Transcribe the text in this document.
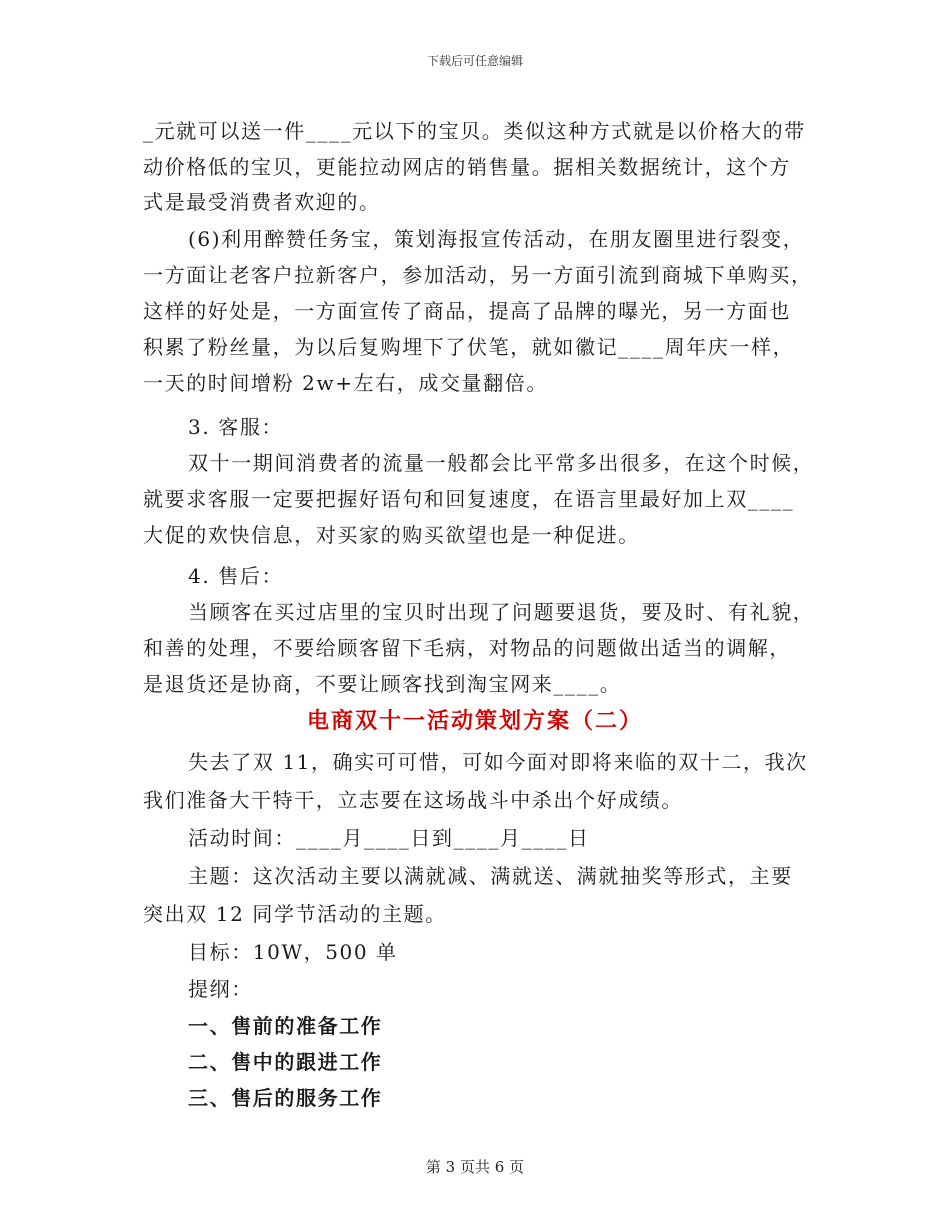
下载后可任意编辑
_元就可以送一件____元以下的宝贝。类似这种方式就是以价格大的带
动价格低的宝贝，更能拉动网店的销售量。据相关数据统计，这个方
式是最受消费者欢迎的。
(6)利用醉赞任务宝，策划海报宣传活动，在朋友圈里进行裂变，
一方面让老客户拉新客户，参加活动，另一方面引流到商城下单购买，
这样的好处是，一方面宣传了商品，提高了品牌的曝光，另一方面也
积累了粉丝量，为以后复购埋下了伏笔，就如徽记____周年庆一样，
一天的时间增粉 2w+左右，成交量翻倍。
3. 客服：
双十一期间消费者的流量一般都会比平常多出很多，在这个时候，
就要求客服一定要把握好语句和回复速度，在语言里最好加上双____
大促的欢快信息，对买家的购买欲望也是一种促进。
4. 售后：
当顾客在买过店里的宝贝时出现了问题要退货，要及时、有礼貌，
和善的处理，不要给顾客留下毛病，对物品的问题做出适当的调解，
是退货还是协商，不要让顾客找到淘宝网来____。
电商双十一活动策划方案（二）
失去了双 11，确实可可惜，可如今面对即将来临的双十二，我次
我们准备大干特干，立志要在这场战斗中杀出个好成绩。
活动时间：____月____日到____月____日
主题：这次活动主要以满就减、满就送、满就抽奖等形式，主要
突出双 12 同学节活动的主题。
目标：10W，500 单
提纲：
一、售前的准备工作
二、售中的跟进工作
三、售后的服务工作
第 3 页共 6 页
